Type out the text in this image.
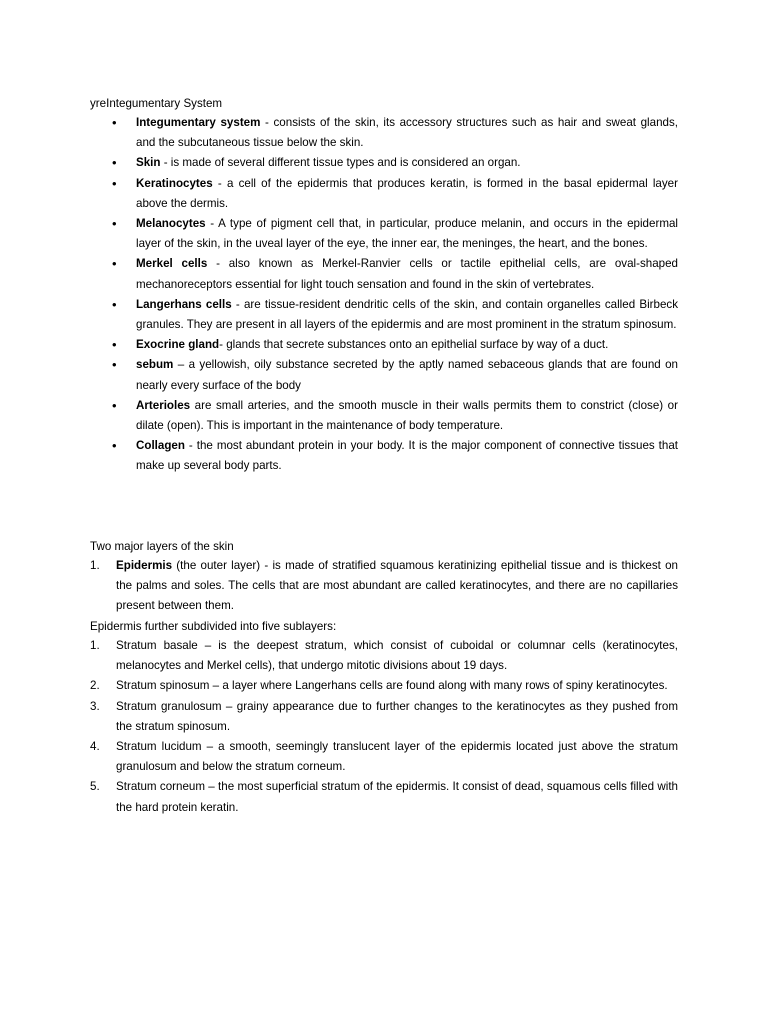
yreIntegumentary System
• Integumentary system - consists of the skin, its accessory structures such as hair and sweat glands, and the subcutaneous tissue below the skin.
• Skin - is made of several different tissue types and is considered an organ.
• Keratinocytes - a cell of the epidermis that produces keratin, is formed in the basal epidermal layer above the dermis.
• Melanocytes - A type of pigment cell that, in particular, produce melanin, and occurs in the epidermal layer of the skin, in the uveal layer of the eye, the inner ear, the meninges, the heart, and the bones.
• Merkel cells - also known as Merkel-Ranvier cells or tactile epithelial cells, are oval-shaped mechanoreceptors essential for light touch sensation and found in the skin of vertebrates.
• Langerhans cells - are tissue-resident dendritic cells of the skin, and contain organelles called Birbeck granules. They are present in all layers of the epidermis and are most prominent in the stratum spinosum.
• Exocrine gland- glands that secrete substances onto an epithelial surface by way of a duct.
• sebum – a yellowish, oily substance secreted by the aptly named sebaceous glands that are found on nearly every surface of the body
• Arterioles are small arteries, and the smooth muscle in their walls permits them to constrict (close) or dilate (open). This is important in the maintenance of body temperature.
• Collagen - the most abundant protein in your body. It is the major component of connective tissues that make up several body parts.
Two major layers of the skin
1. Epidermis (the outer layer) - is made of stratified squamous keratinizing epithelial tissue and is thickest on the palms and soles. The cells that are most abundant are called keratinocytes, and there are no capillaries present between them.
Epidermis further subdivided into five sublayers:
1. Stratum basale – is the deepest stratum, which consist of cuboidal or columnar cells (keratinocytes, melanocytes and Merkel cells), that undergo mitotic divisions about 19 days.
2. Stratum spinosum – a layer where Langerhans cells are found along with many rows of spiny keratinocytes.
3. Stratum granulosum – grainy appearance due to further changes to the keratinocytes as they pushed from the stratum spinosum.
4. Stratum lucidum – a smooth, seemingly translucent layer of the epidermis located just above the stratum granulosum and below the stratum corneum.
5. Stratum corneum – the most superficial stratum of the epidermis. It consist of dead, squamous cells filled with the hard protein keratin.
